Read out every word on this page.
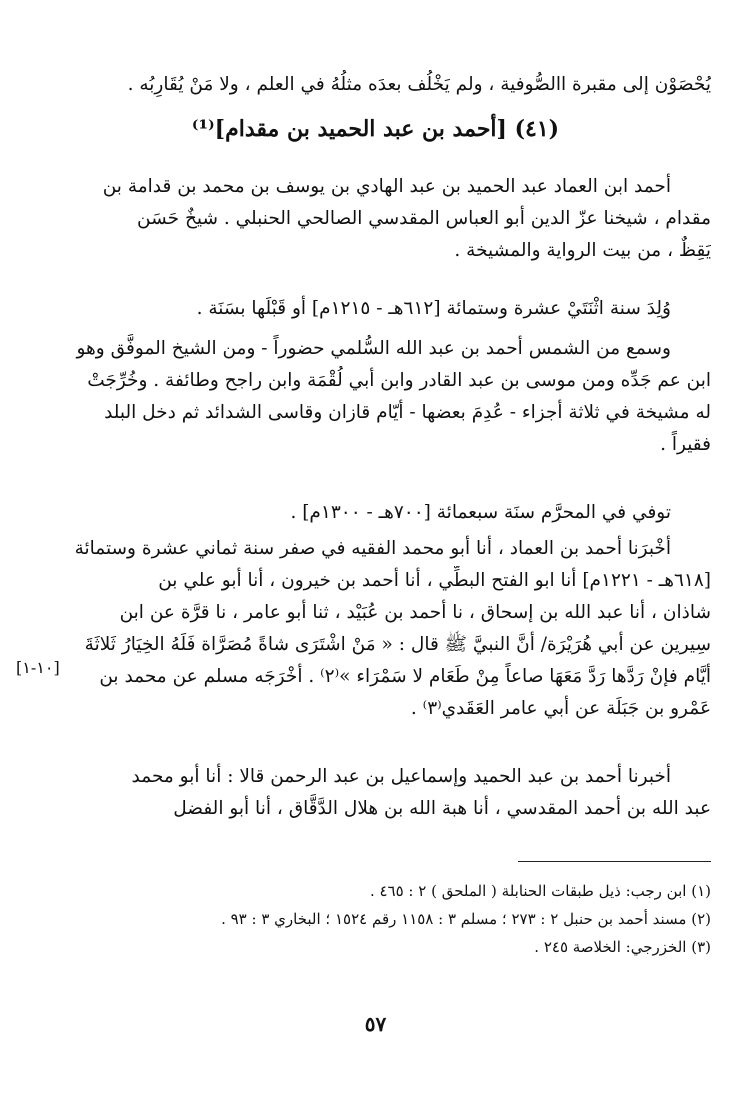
يُحْصَوْن إلى مقبرة االصُّوفية ، ولم يَخْلُف بعدَه مثلُهُ في العلم ، ولا مَنْ يُقَارِبُه .
(٤١) [أحمد بن عبد الحميد بن مقدام]⁽¹⁾
أحمد ابن العماد عبد الحميد بن عبد الهادي بن يوسف بن محمد بن قدامة بن
مقدام ، شيخنا عزّ الدين أبو العباس المقدسي الصالحي الحنبلي . شيخٌ حَسَن
يَقِظٌ ، من بيت الرواية والمشيخة .
وُلِدَ سنة اثْنَتَيْ عشرة وستمائة [٦١٢هـ - ١٢١٥م] أو قَبْلَها بسَنَة .
وسمع من الشمس أحمد بن عبد الله السُّلمي حضوراً - ومن الشيخ الموفَّق وهو
ابن عم جَدِّه ومن موسى بن عبد القادر وابن أبي لُقْمَة وابن راجح وطائفة . وخُرِّجَتْ
له مشيخة في ثلاثة أجزاء - عُدِمَ بعضها - أيّام قازان وقاسى الشدائد ثم دخل البلد
فقيراً .
توفي في المحرَّم سنَة سبعمائة [٧٠٠هـ - ١٣٠٠م] .
أخْبرَنا أحمد بن العماد ، أنا أبو محمد الفقيه في صفر سنة ثماني عشرة وستمائة
[٦١٨هـ - ١٢٢١م] أنا ابو الفتح البطِّي ، أنا أحمد بن خيرون ، أنا أبو علي بن
شاذان ، أنا عبد الله بن إسحاق ، نا أحمد بن عُبَيْد ، ثنا أبو عامر ، نا قرَّة عن ابن
سِيرين عن أبي هُرَيْرَة/ أنَّ النبيَّ ﷺ قال : « مَنْ اشْتَرَى شاةً مُصَرَّاة فَلَهُ الخِيَارُ ثَلاثَةَ
أيَّام فإنْ رَدَّها رَدَّ مَعَهَا صاعاً مِنْ طَعَام لا سَمْرَاء »⁽٢⁾ . أخْرَجَه مسلم عن محمد بن
عَمْرو بن جَبَلَة عن أبي عامر العَقَدي⁽٣⁾ .
[١٠-١]
أخبرنا أحمد بن عبد الحميد وإسماعيل بن عبد الرحمن قالا : أنا أبو محمد
عبد الله بن أحمد المقدسي ، أنا هبة الله بن هلال الدَّقَّاق ، أنا أبو الفضل
(١) ابن رجب: ذيل طبقات الحنابلة ( الملحق ) ٢ : ٤٦٥ .
(٢) مسند أحمد بن حنبل ٢ : ٢٧٣ ؛ مسلم ٣ : ١١٥٨ رقم ١٥٢٤ ؛ البخاري ٣ : ٩٣ .
(٣) الخزرجي: الخلاصة ٢٤٥ .
٥٧
